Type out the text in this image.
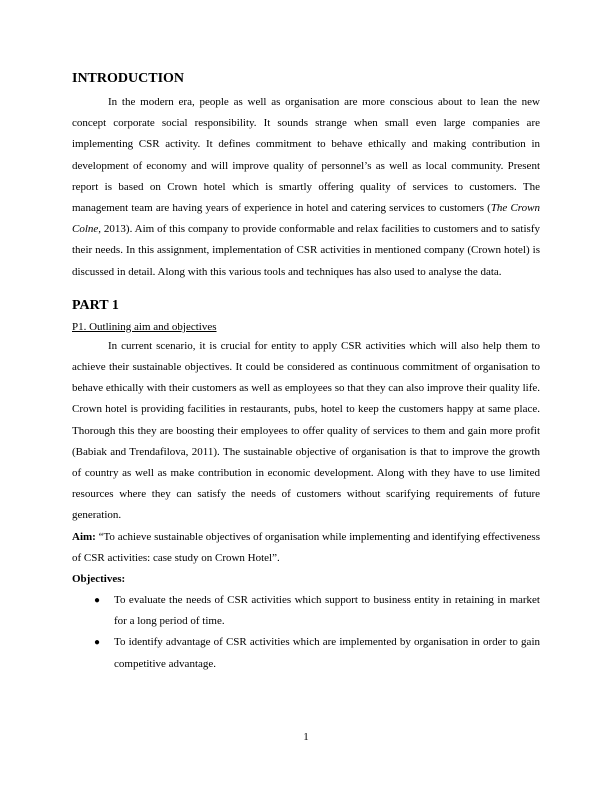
INTRODUCTION

In the modern era, people as well as organisation are more conscious about to lean the new concept corporate social responsibility. It sounds strange when small even large companies are implementing CSR activity. It defines commitment to behave ethically and making contribution in development of economy and will improve quality of personnel’s as well as local community. Present report is based on Crown hotel which is smartly offering quality of services to customers. The management team are having years of experience in hotel and catering services to customers (The Crown Colne, 2013). Aim of this company to provide conformable and relax facilities to customers and to satisfy their needs. In this assignment, implementation of CSR activities in mentioned company (Crown hotel) is discussed in detail. Along with this various tools and techniques has also used to analyse the data.

PART 1
P1. Outlining aim and objectives

In current scenario, it is crucial for entity to apply CSR activities which will also help them to achieve their sustainable objectives. It could be considered as continuous commitment of organisation to behave ethically with their customers as well as employees so that they can also improve their quality life. Crown hotel is providing facilities in restaurants, pubs, hotel to keep the customers happy at same place. Thorough this they are boosting their employees to offer quality of services to them and gain more profit (Babiak and Trendafilova, 2011). The sustainable objective of organisation is that to improve the growth of country as well as make contribution in economic development. Along with they have to use limited resources where they can satisfy the needs of customers without scarifying requirements of future generation.

Aim: “To achieve sustainable objectives of organisation while implementing and identifying effectiveness of CSR activities: case study on Crown Hotel”.

Objectives:
● To evaluate the needs of CSR activities which support to business entity in retaining in market for a long period of time.
● To identify advantage of CSR activities which are implemented by organisation in order to gain competitive advantage.
1
